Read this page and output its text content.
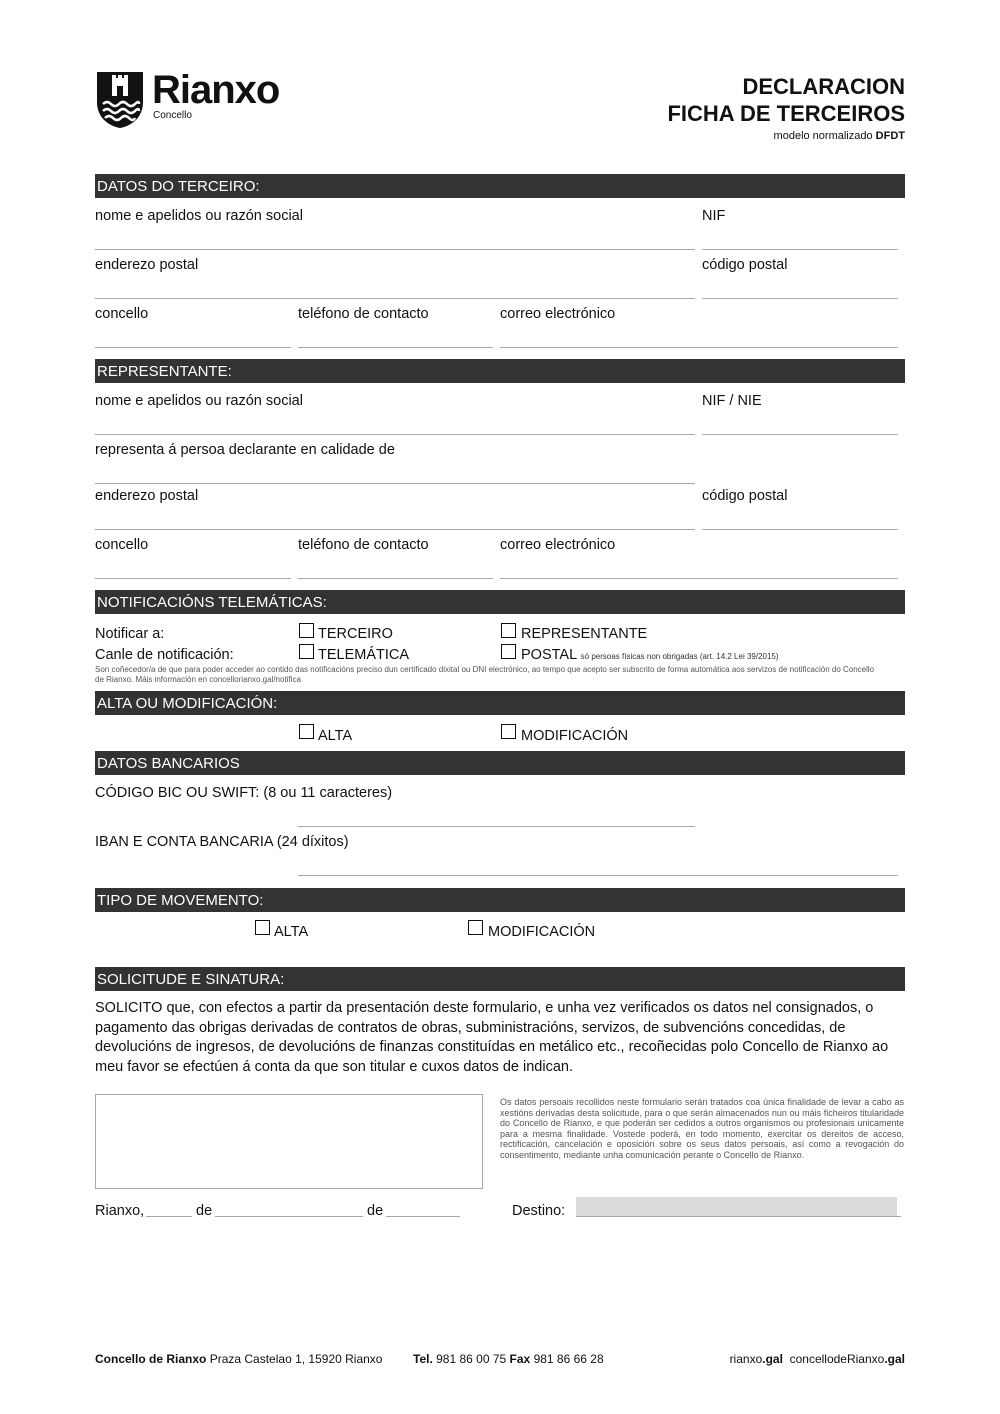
Rianxo
Concello
DECLARACION
FICHA DE TERCEIROS
modelo normalizado DFDT
DATOS DO TERCEIRO:
nome e apelidos ou razón social	NIF
enderezo postal	código postal
concello	teléfono de contacto	correo electrónico
REPRESENTANTE:
nome e apelidos ou razón social	NIF / NIE
representa á persoa declarante en calidade de
enderezo postal	código postal
concello	teléfono de contacto	correo electrónico
NOTIFICACIÓNS TELEMÁTICAS:
Notificar a:	TERCEIRO	REPRESENTANTE
Canle de notificación:	TELEMÁTICA	POSTAL só persoas físicas non obrigadas (art. 14.2 Lei 39/2015)
Son coñecedor/a de que para poder acceder ao contido das notificacións preciso dun certificado dixital ou DNI electrónico, ao tempo que acepto ser subscrito de forma automática aos servizos de notificación do Concello
de Rianxo. Máis información en concellorianxo.gal/notifica
ALTA OU MODIFICACIÓN:
ALTA	MODIFICACIÓN
DATOS BANCARIOS
CÓDIGO BIC OU SWIFT: (8 ou 11 caracteres)
IBAN E CONTA BANCARIA (24 díxitos)
TIPO DE MOVEMENTO:
ALTA	MODIFICACIÓN
SOLICITUDE E SINATURA:
SOLICITO que, con efectos a partir da presentación deste formulario, e unha vez verificados os datos nel consignados, o pagamento das obrigas derivadas de contratos de obras, subministracións, servizos, de subvencións concedidas, de devolucións de ingresos, de devolucións de finanzas constituídas en metálico etc., recoñecidas polo Concello de Rianxo ao meu favor se efectúen á conta da que son titular e cuxos datos de indican.
Os datos persoais recollidos neste formulario serán tratados coa única finalidade de levar a cabo as xestións derivadas desta solicitude, para o que serán almacenados nun ou máis ficheiros titularidade do Concello de Rianxo, e que poderán ser cedidos a outros organismos ou profesionais unicamente para a mesma finalidade. Vostede poderá, en todo momento, exercitar os dereitos de acceso, rectificación, cancelación e oposición sobre os seus datos persoais, así como a revogación do consentimento, mediante unha comunicación perante o Concello de Rianxo.
Rianxo,	de	de	Destino:
Concello de Rianxo Praza Castelao 1, 15920 Rianxo	Tel. 981 86 00 75 Fax 981 86 66 28	rianxo.gal concellodeRianxo.gal
